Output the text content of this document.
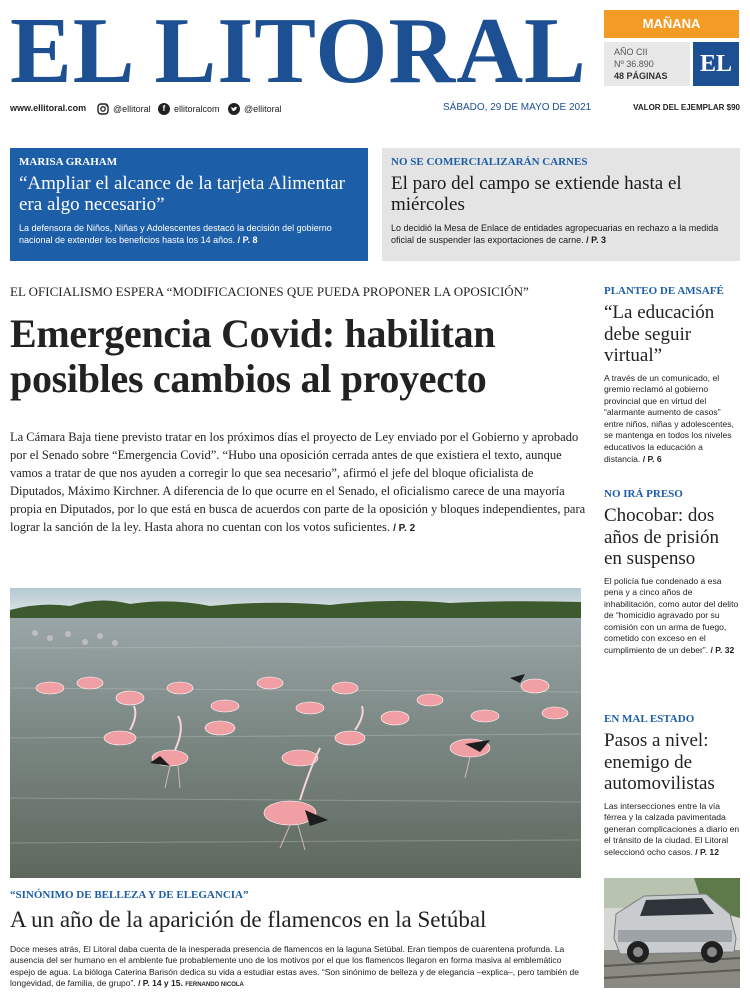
EL LITORAL	MAÑANA
AÑO CII
Nº 36.890
48 PÁGINAS	EL
www.ellitoral.com	@ellitoral	f ellitoralcom	@ellitoral	SÁBADO, 29 DE MAYO DE 2021	VALOR DEL EJEMPLAR $90
MARISA GRAHAM
“Ampliar el alcance de la tarjeta Alimentar era algo necesario”
La defensora de Niños, Niñas y Adolescentes destacó la decisión del gobierno nacional de extender los beneficios hasta los 14 años. / P. 8
NO SE COMERCIALIZARÁN CARNES
El paro del campo se extiende hasta el miércoles
Lo decidió la Mesa de Enlace de entidades agropecuarias en rechazo a la medida oficial de suspender las exportaciones de carne. / P. 3
EL OFICIALISMO ESPERA “MODIFICACIONES QUE PUEDA PROPONER LA OPOSICIÓN”
Emergencia Covid: habilitan posibles cambios al proyecto
La Cámara Baja tiene previsto tratar en los próximos días el proyecto de Ley enviado por el Gobierno y aprobado por el Senado sobre “Emergencia Covid”. “Hubo una oposición cerrada antes de que existiera el texto, aunque vamos a tratar de que nos ayuden a corregir lo que sea necesario”, afirmó el jefe del bloque oficialista de Diputados, Máximo Kirchner. A diferencia de lo que ocurre en el Senado, el oficialismo carece de una mayoría propia en Diputados, por lo que está en busca de acuerdos con parte de la oposición y bloques independientes, para lograr la sanción de la ley. Hasta ahora no cuentan con los votos suficientes. / P. 2
“SINÓNIMO DE BELLEZA Y DE ELEGANCIA”
A un año de la aparición de flamencos en la Setúbal
Doce meses atrás, El Litoral daba cuenta de la inesperada presencia de flamencos en la laguna Setúbal. Eran tiempos de cuarentena profunda. La ausencia del ser humano en el ambiente fue probablemente uno de los motivos por el que los flamencos llegaron en forma masiva al emblemático espejo de agua. La bióloga Caterina Barisón dedica su vida a estudiar estas aves. “Son sinónimo de belleza y de elegancia –explica–, pero también de longevidad, de familia, de grupo”. / P. 14 y 15. FERNANDO NICOLA
PLANTEO DE AMSAFÉ
“La educación debe seguir virtual”
A través de un comunicado, el gremio reclamó al gobierno provincial que en virtud del “alarmante aumento de casos” entre niños, niñas y adolescentes, se mantenga en todos los niveles educativos la educación a distancia. / P. 6
NO IRÁ PRESO
Chocobar: dos años de prisión en suspenso
El policía fue condenado a esa pena y a cinco años de inhabilitación, como autor del delito de “homicidio agravado por su comisión con un arma de fuego, cometido con exceso en el cumplimiento de un deber”. / P. 32
EN MAL ESTADO
Pasos a nivel: enemigo de automovilistas
Las intersecciones entre la vía férrea y la calzada pavimentada generan complicaciones a diario en el tránsito de la ciudad. El Litoral seleccionó ocho casos. / P. 12
